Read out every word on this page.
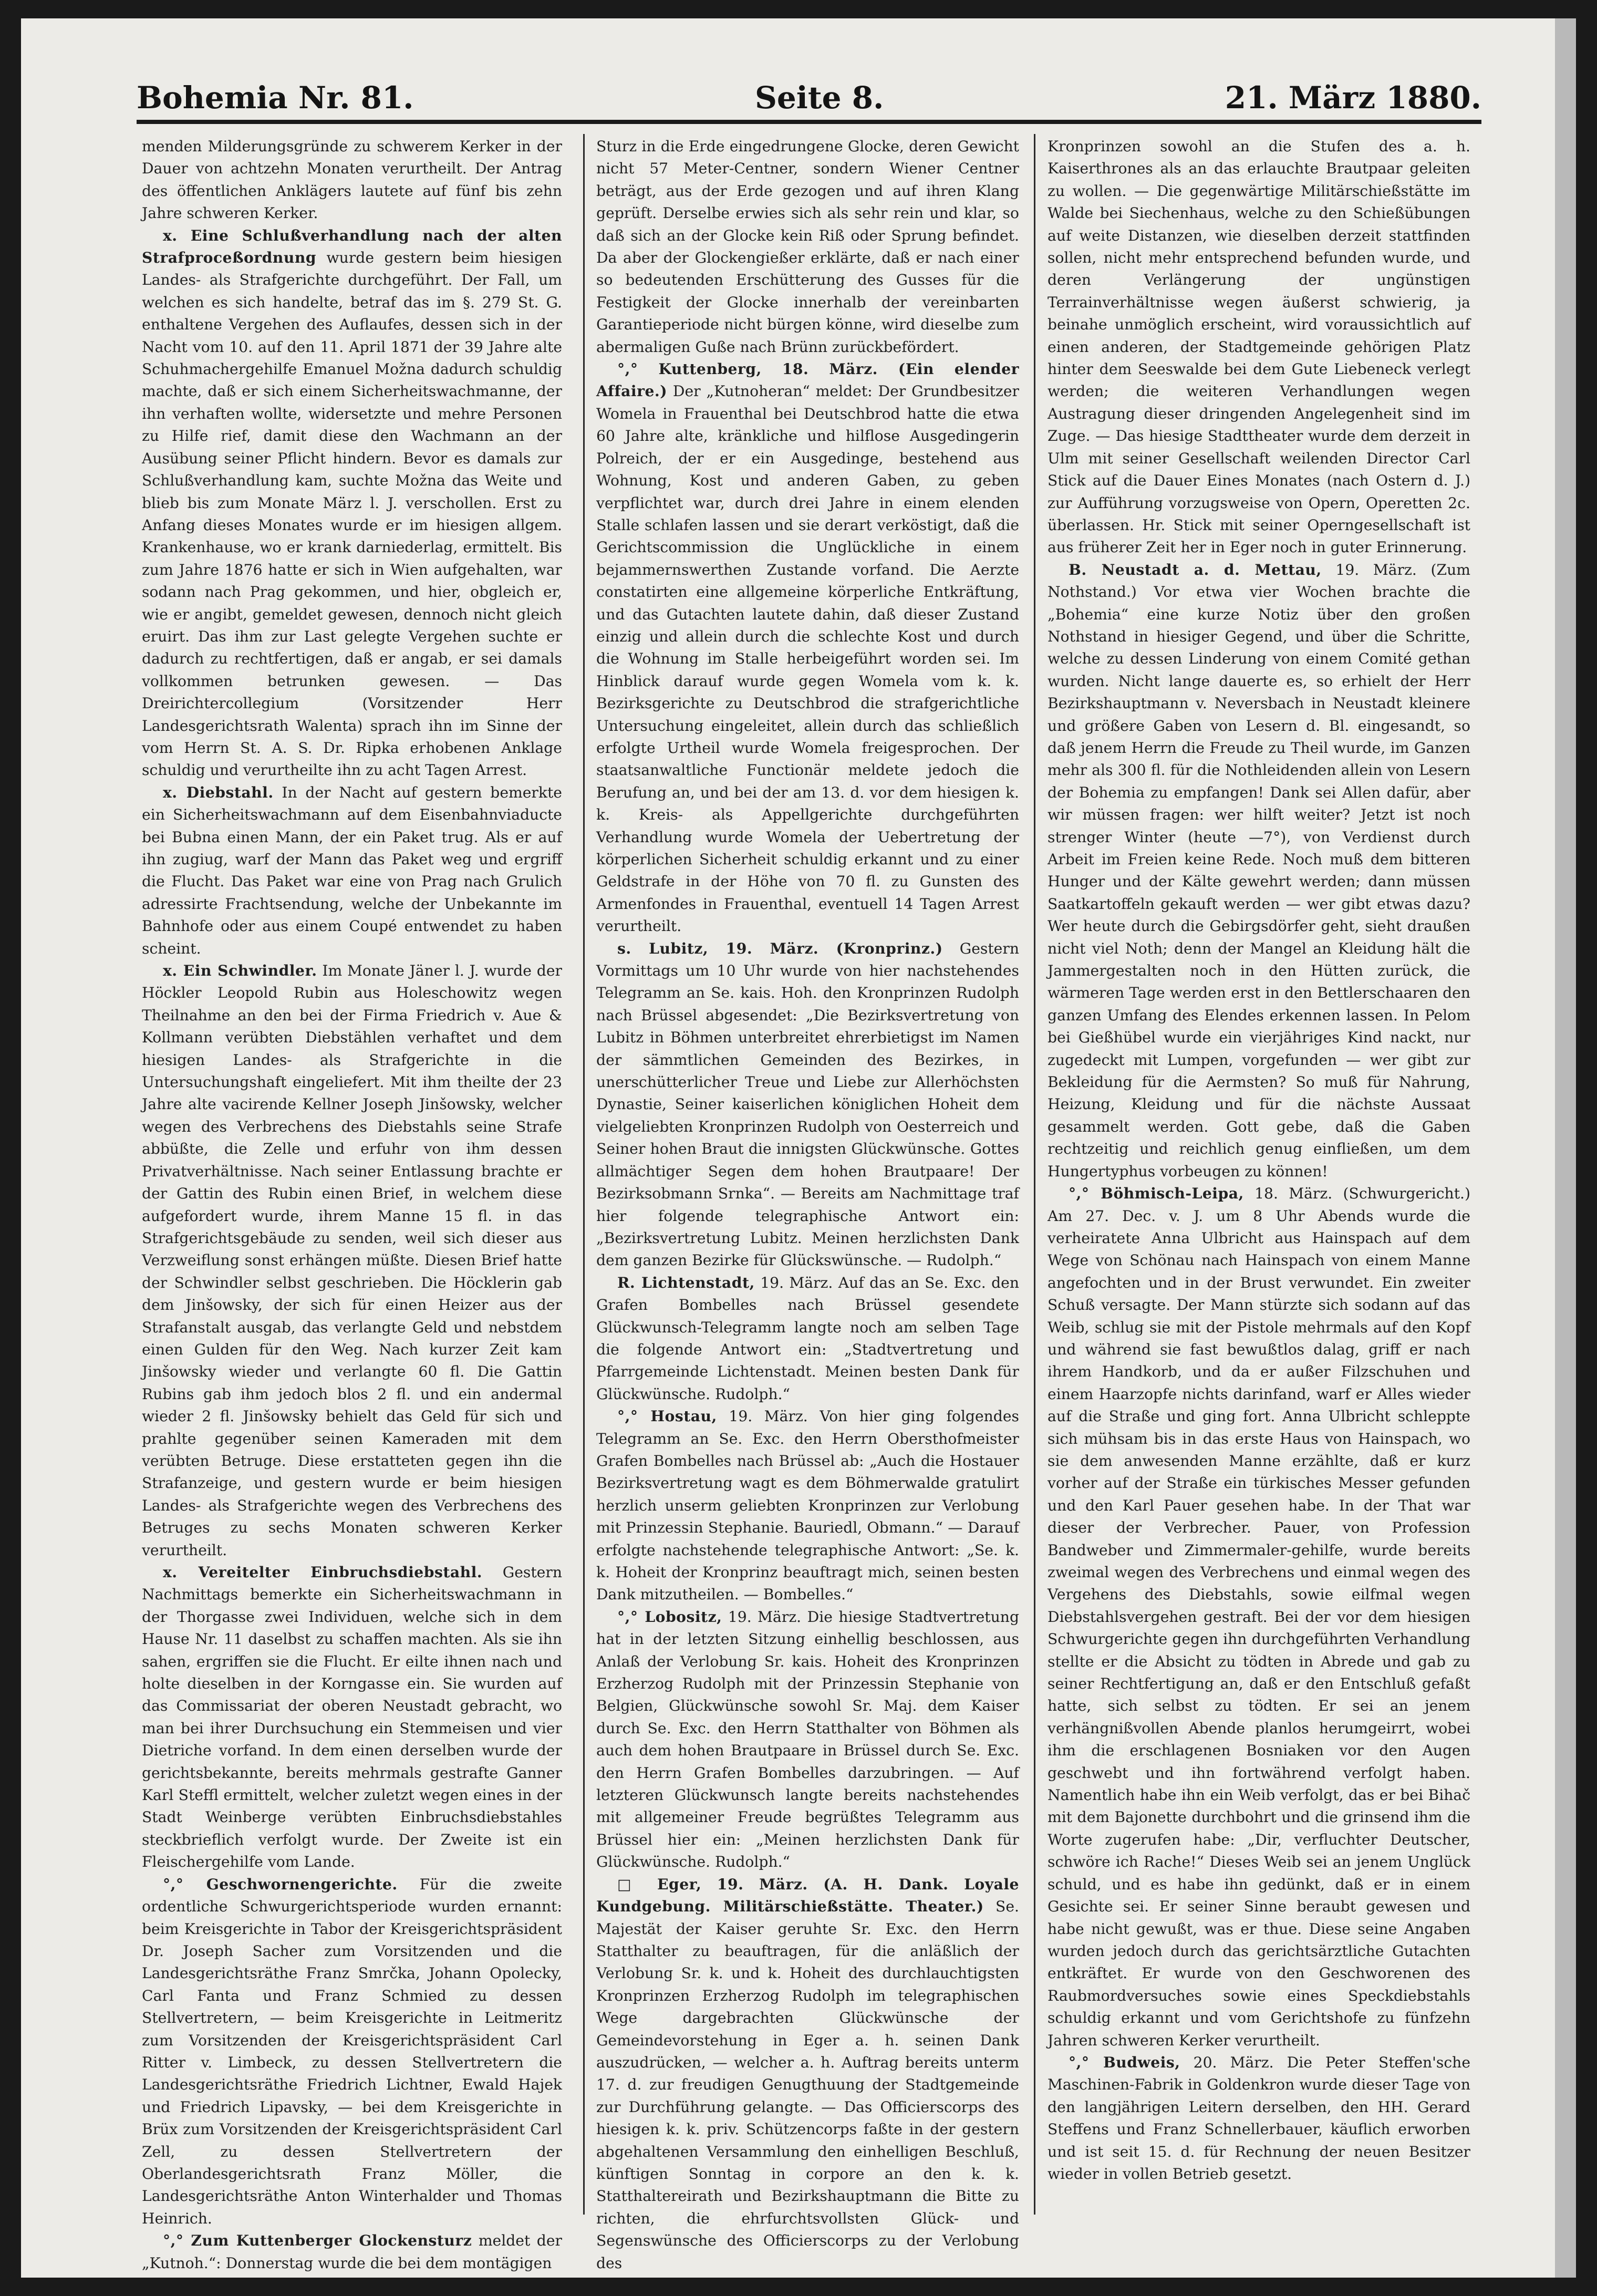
Bohemia Nr. 81.	Seite 8.	21. März 1880.

menden Milderungsgründe zu schwerem Kerker in der Dauer von achtzehn Monaten verurtheilt. Der Antrag des öffentlichen Anklägers lautete auf fünf bis zehn Jahre schweren Kerker.

x. Eine Schlußverhandlung nach der alten Strafproceßordnung wurde gestern beim hiesigen Landes- als Strafgerichte durchgeführt. Der Fall, um welchen es sich handelte, betraf das im §. 279 St. G. enthaltene Vergehen des Auflaufes, dessen sich in der Nacht vom 10. auf den 11. April 1871 der 39 Jahre alte Schuhmachergehilfe Emanuel Možna dadurch schuldig machte, daß er sich einem Sicherheitswachmanne, der ihn verhaften wollte, widersetzte und mehre Personen zu Hilfe rief, damit diese den Wachmann an der Ausübung seiner Pflicht hindern. Bevor es damals zur Schlußverhandlung kam, suchte Možna das Weite und blieb bis zum Monate März l. J. verschollen. Erst zu Anfang dieses Monates wurde er im hiesigen allgem. Krankenhause, wo er krank darniederlag, ermittelt. Bis zum Jahre 1876 hatte er sich in Wien aufgehalten, war sodann nach Prag gekommen, und hier, obgleich er, wie er angibt, gemeldet gewesen, dennoch nicht gleich eruirt. Das ihm zur Last gelegte Vergehen suchte er dadurch zu rechtfertigen, daß er angab, er sei damals vollkommen betrunken gewesen. — Das Dreirichtercollegium (Vorsitzender Herr Landesgerichtsrath Walenta) sprach ihn im Sinne der vom Herrn St. A. S. Dr. Ripka erhobenen Anklage schuldig und verurtheilte ihn zu acht Tagen Arrest.

x. Diebstahl. In der Nacht auf gestern bemerkte ein Sicherheitswachmann auf dem Eisenbahnviaducte bei Bubna einen Mann, der ein Paket trug. Als er auf ihn zugiug, warf der Mann das Paket weg und ergriff die Flucht. Das Paket war eine von Prag nach Grulich adressirte Frachtsendung, welche der Unbekannte im Bahnhofe oder aus einem Coupé entwendet zu haben scheint.

x. Ein Schwindler. Im Monate Jäner l. J. wurde der Höckler Leopold Rubin aus Holeschowitz wegen Theilnahme an den bei der Firma Friedrich v. Aue & Kollmann verübten Diebstählen verhaftet und dem hiesigen Landes- als Strafgerichte in die Untersuchungshaft eingeliefert. Mit ihm theilte der 23 Jahre alte vacirende Kellner Joseph Jinšowsky, welcher wegen des Verbrechens des Diebstahls seine Strafe abbüßte, die Zelle und erfuhr von ihm dessen Privatverhältnisse. Nach seiner Entlassung brachte er der Gattin des Rubin einen Brief, in welchem diese aufgefordert wurde, ihrem Manne 15 fl. in das Strafgerichtsgebäude zu senden, weil sich dieser aus Verzweiflung sonst erhängen müßte. Diesen Brief hatte der Schwindler selbst geschrieben. Die Höcklerin gab dem Jinšowsky, der sich für einen Heizer aus der Strafanstalt ausgab, das verlangte Geld und nebstdem einen Gulden für den Weg. Nach kurzer Zeit kam Jinšowsky wieder und verlangte 60 fl. Die Gattin Rubins gab ihm jedoch blos 2 fl. und ein andermal wieder 2 fl. Jinšowsky behielt das Geld für sich und prahlte gegenüber seinen Kameraden mit dem verübten Betruge. Diese erstatteten gegen ihn die Strafanzeige, und gestern wurde er beim hiesigen Landes- als Strafgerichte wegen des Verbrechens des Betruges zu sechs Monaten schweren Kerker verurtheilt.

x. Vereitelter Einbruchsdiebstahl. Gestern Nachmittags bemerkte ein Sicherheitswachmann in der Thorgasse zwei Individuen, welche sich in dem Hause Nr. 11 daselbst zu schaffen machten. Als sie ihn sahen, ergriffen sie die Flucht. Er eilte ihnen nach und holte dieselben in der Korngasse ein. Sie wurden auf das Commissariat der oberen Neustadt gebracht, wo man bei ihrer Durchsuchung ein Stemmeisen und vier Dietriche vorfand. In dem einen derselben wurde der gerichtsbekannte, bereits mehrmals gestrafte Ganner Karl Steffl ermittelt, welcher zuletzt wegen eines in der Stadt Weinberge verübten Einbruchsdiebstahles steckbrieflich verfolgt wurde. Der Zweite ist ein Fleischergehilfe vom Lande.

°,° Geschwornengerichte. Für die zweite ordentliche Schwurgerichtsperiode wurden ernannt: beim Kreisgerichte in Tabor der Kreisgerichtspräsident Dr. Joseph Sacher zum Vorsitzenden und die Landesgerichtsräthe Franz Smrčka, Johann Opolecky, Carl Fanta und Franz Schmied zu dessen Stellvertretern, — beim Kreisgerichte in Leitmeritz zum Vorsitzenden der Kreisgerichtspräsident Carl Ritter v. Limbeck, zu dessen Stellvertretern die Landesgerichtsräthe Friedrich Lichtner, Ewald Hajek und Friedrich Lipavsky, — bei dem Kreisgerichte in Brüx zum Vorsitzenden der Kreisgerichtspräsident Carl Zell, zu dessen Stellvertretern der Oberlandesgerichtsrath Franz Möller, die Landesgerichtsräthe Anton Winterhalder und Thomas Heinrich.

°,° Zum Kuttenberger Glockensturz meldet der „Kutnoh.“: Donnerstag wurde die bei dem montägigen

Sturz in die Erde eingedrungene Glocke, deren Gewicht nicht 57 Meter-Centner, sondern Wiener Centner beträgt, aus der Erde gezogen und auf ihren Klang geprüft. Derselbe erwies sich als sehr rein und klar, so daß sich an der Glocke kein Riß oder Sprung befindet. Da aber der Glockengießer erklärte, daß er nach einer so bedeutenden Erschütterung des Gusses für die Festigkeit der Glocke innerhalb der vereinbarten Garantieperiode nicht bürgen könne, wird dieselbe zum abermaligen Guße nach Brünn zurückbefördert.

°,° Kuttenberg, 18. März. (Ein elender Affaire.) Der „Kutnoheran“ meldet: Der Grundbesitzer Womela in Frauenthal bei Deutschbrod hatte die etwa 60 Jahre alte, kränkliche und hilflose Ausgedingerin Polreich, der er ein Ausgedinge, bestehend aus Wohnung, Kost und anderen Gaben, zu geben verpflichtet war, durch drei Jahre in einem elenden Stalle schlafen lassen und sie derart verköstigt, daß die Gerichtscommission die Unglückliche in einem bejammernswerthen Zustande vorfand. Die Aerzte constatirten eine allgemeine körperliche Entkräftung, und das Gutachten lautete dahin, daß dieser Zustand einzig und allein durch die schlechte Kost und durch die Wohnung im Stalle herbeigeführt worden sei. Im Hinblick darauf wurde gegen Womela vom k. k. Bezirksgerichte zu Deutschbrod die strafgerichtliche Untersuchung eingeleitet, allein durch das schließlich erfolgte Urtheil wurde Womela freigesprochen. Der staatsanwaltliche Functionär meldete jedoch die Berufung an, und bei der am 13. d. vor dem hiesigen k. k. Kreis- als Appellgerichte durchgeführten Verhandlung wurde Womela der Uebertretung der körperlichen Sicherheit schuldig erkannt und zu einer Geldstrafe in der Höhe von 70 fl. zu Gunsten des Armenfondes in Frauenthal, eventuell 14 Tagen Arrest verurtheilt.

s. Lubitz, 19. März. (Kronprinz.) Gestern Vormittags um 10 Uhr wurde von hier nachstehendes Telegramm an Se. kais. Hoh. den Kronprinzen Rudolph nach Brüssel abgesendet: „Die Bezirksvertretung von Lubitz in Böhmen unterbreitet ehrerbietigst im Namen der sämmtlichen Gemeinden des Bezirkes, in unerschütterlicher Treue und Liebe zur Allerhöchsten Dynastie, Seiner kaiserlichen königlichen Hoheit dem vielgeliebten Kronprinzen Rudolph von Oesterreich und Seiner hohen Braut die innigsten Glückwünsche. Gottes allmächtiger Segen dem hohen Brautpaare! Der Bezirksobmann Srnka“. — Bereits am Nachmittage traf hier folgende telegraphische Antwort ein: „Bezirksvertretung Lubitz. Meinen herzlichsten Dank dem ganzen Bezirke für Glückswünsche. — Rudolph.“

R. Lichtenstadt, 19. März. Auf das an Se. Exc. den Grafen Bombelles nach Brüssel gesendete Glückwunsch-Telegramm langte noch am selben Tage die folgende Antwort ein: „Stadtvertretung und Pfarrgemeinde Lichtenstadt. Meinen besten Dank für Glückwünsche. Rudolph.“

°,° Hostau, 19. März. Von hier ging folgendes Telegramm an Se. Exc. den Herrn Obersthofmeister Grafen Bombelles nach Brüssel ab: „Auch die Hostauer Bezirksvertretung wagt es dem Böhmerwalde gratulirt herzlich unserm geliebten Kronprinzen zur Verlobung mit Prinzessin Stephanie. Bauriedl, Obmann.“ — Darauf erfolgte nachstehende telegraphische Antwort: „Se. k. k. Hoheit der Kronprinz beauftragt mich, seinen besten Dank mitzutheilen. — Bombelles.“

°,° Lobositz, 19. März. Die hiesige Stadtvertretung hat in der letzten Sitzung einhellig beschlossen, aus Anlaß der Verlobung Sr. kais. Hoheit des Kronprinzen Erzherzog Rudolph mit der Prinzessin Stephanie von Belgien, Glückwünsche sowohl Sr. Maj. dem Kaiser durch Se. Exc. den Herrn Statthalter von Böhmen als auch dem hohen Brautpaare in Brüssel durch Se. Exc. den Herrn Grafen Bombelles darzubringen. — Auf letzteren Glückwunsch langte bereits nachstehendes mit allgemeiner Freude begrüßtes Telegramm aus Brüssel hier ein: „Meinen herzlichsten Dank für Glückwünsche. Rudolph.“

□ Eger, 19. März. (A. H. Dank. Loyale Kundgebung. Militärschießstätte. Theater.) Se. Majestät der Kaiser geruhte Sr. Exc. den Herrn Statthalter zu beauftragen, für die anläßlich der Verlobung Sr. k. und k. Hoheit des durchlauchtigsten Kronprinzen Erzherzog Rudolph im telegraphischen Wege dargebrachten Glückwünsche der Gemeindevorstehung in Eger a. h. seinen Dank auszudrücken, — welcher a. h. Auftrag bereits unterm 17. d. zur freudigen Genugthuung der Stadtgemeinde zur Durchführung gelangte. — Das Officierscorps des hiesigen k. k. priv. Schützencorps faßte in der gestern abgehaltenen Versammlung den einhelligen Beschluß, künftigen Sonntag in corpore an den k. k. Statthaltereirath und Bezirkshauptmann die Bitte zu richten, die ehrfurchtsvollsten Glück- und Segenswünsche des Officierscorps zu der Verlobung des

Kronprinzen sowohl an die Stufen des a. h. Kaiserthrones als an das erlauchte Brautpaar geleiten zu wollen. — Die gegenwärtige Militärschießstätte im Walde bei Siechenhaus, welche zu den Schießübungen auf weite Distanzen, wie dieselben derzeit stattfinden sollen, nicht mehr entsprechend befunden wurde, und deren Verlängerung der ungünstigen Terrainverhältnisse wegen äußerst schwierig, ja beinahe unmöglich erscheint, wird voraussichtlich auf einen anderen, der Stadtgemeinde gehörigen Platz hinter dem Seeswalde bei dem Gute Liebeneck verlegt werden; die weiteren Verhandlungen wegen Austragung dieser dringenden Angelegenheit sind im Zuge. — Das hiesige Stadttheater wurde dem derzeit in Ulm mit seiner Gesellschaft weilenden Director Carl Stick auf die Dauer Eines Monates (nach Ostern d. J.) zur Aufführung vorzugsweise von Opern, Operetten 2c. überlassen. Hr. Stick mit seiner Operngesellschaft ist aus früherer Zeit her in Eger noch in guter Erinnerung.

B. Neustadt a. d. Mettau, 19. März. (Zum Nothstand.) Vor etwa vier Wochen brachte die „Bohemia“ eine kurze Notiz über den großen Nothstand in hiesiger Gegend, und über die Schritte, welche zu dessen Linderung von einem Comité gethan wurden. Nicht lange dauerte es, so erhielt der Herr Bezirkshauptmann v. Neversbach in Neustadt kleinere und größere Gaben von Lesern d. Bl. eingesandt, so daß jenem Herrn die Freude zu Theil wurde, im Ganzen mehr als 300 fl. für die Nothleidenden allein von Lesern der Bohemia zu empfangen! Dank sei Allen dafür, aber wir müssen fragen: wer hilft weiter? Jetzt ist noch strenger Winter (heute —7°), von Verdienst durch Arbeit im Freien keine Rede. Noch muß dem bitteren Hunger und der Kälte gewehrt werden; dann müssen Saatkartoffeln gekauft werden — wer gibt etwas dazu? Wer heute durch die Gebirgsdörfer geht, sieht draußen nicht viel Noth; denn der Mangel an Kleidung hält die Jammergestalten noch in den Hütten zurück, die wärmeren Tage werden erst in den Bettlerschaaren den ganzen Umfang des Elendes erkennen lassen. In Pelom bei Gießhübel wurde ein vierjähriges Kind nackt, nur zugedeckt mit Lumpen, vorgefunden — wer gibt zur Bekleidung für die Aermsten? So muß für Nahrung, Heizung, Kleidung und für die nächste Aussaat gesammelt werden. Gott gebe, daß die Gaben rechtzeitig und reichlich genug einfließen, um dem Hungertyphus vorbeugen zu können!

°,° Böhmisch-Leipa, 18. März. (Schwurgericht.) Am 27. Dec. v. J. um 8 Uhr Abends wurde die verheiratete Anna Ulbricht aus Hainspach auf dem Wege von Schönau nach Hainspach von einem Manne angefochten und in der Brust verwundet. Ein zweiter Schuß versagte. Der Mann stürzte sich sodann auf das Weib, schlug sie mit der Pistole mehrmals auf den Kopf und während sie fast bewußtlos dalag, griff er nach ihrem Handkorb, und da er außer Filzschuhen und einem Haarzopfe nichts darinfand, warf er Alles wieder auf die Straße und ging fort. Anna Ulbricht schleppte sich mühsam bis in das erste Haus von Hainspach, wo sie dem anwesenden Manne erzählte, daß er kurz vorher auf der Straße ein türkisches Messer gefunden und den Karl Pauer gesehen habe. In der That war dieser der Verbrecher. Pauer, von Profession Bandweber und Zimmermaler-gehilfe, wurde bereits zweimal wegen des Verbrechens und einmal wegen des Vergehens des Diebstahls, sowie eilfmal wegen Diebstahlsvergehen gestraft. Bei der vor dem hiesigen Schwurgerichte gegen ihn durchgeführten Verhandlung stellte er die Absicht zu tödten in Abrede und gab zu seiner Rechtfertigung an, daß er den Entschluß gefaßt hatte, sich selbst zu tödten. Er sei an jenem verhängnißvollen Abende planlos herumgeirrt, wobei ihm die erschlagenen Bosniaken vor den Augen geschwebt und ihn fortwährend verfolgt haben. Namentlich habe ihn ein Weib verfolgt, das er bei Bihač mit dem Bajonette durchbohrt und die grinsend ihm die Worte zugerufen habe: „Dir, verfluchter Deutscher, schwöre ich Rache!“ Dieses Weib sei an jenem Unglück schuld, und es habe ihn gedünkt, daß er in einem Gesichte sei. Er seiner Sinne beraubt gewesen und habe nicht gewußt, was er thue. Diese seine Angaben wurden jedoch durch das gerichtsärztliche Gutachten entkräftet. Er wurde von den Geschworenen des Raubmordversuches sowie eines Speckdiebstahls schuldig erkannt und vom Gerichtshofe zu fünfzehn Jahren schweren Kerker verurtheilt.

°,° Budweis, 20. März. Die Peter Steffen'sche Maschinen-Fabrik in Goldenkron wurde dieser Tage von den langjährigen Leitern derselben, den HH. Gerard Steffens und Franz Schnellerbauer, käuflich erworben und ist seit 15. d. für Rechnung der neuen Besitzer wieder in vollen Betrieb gesetzt.
